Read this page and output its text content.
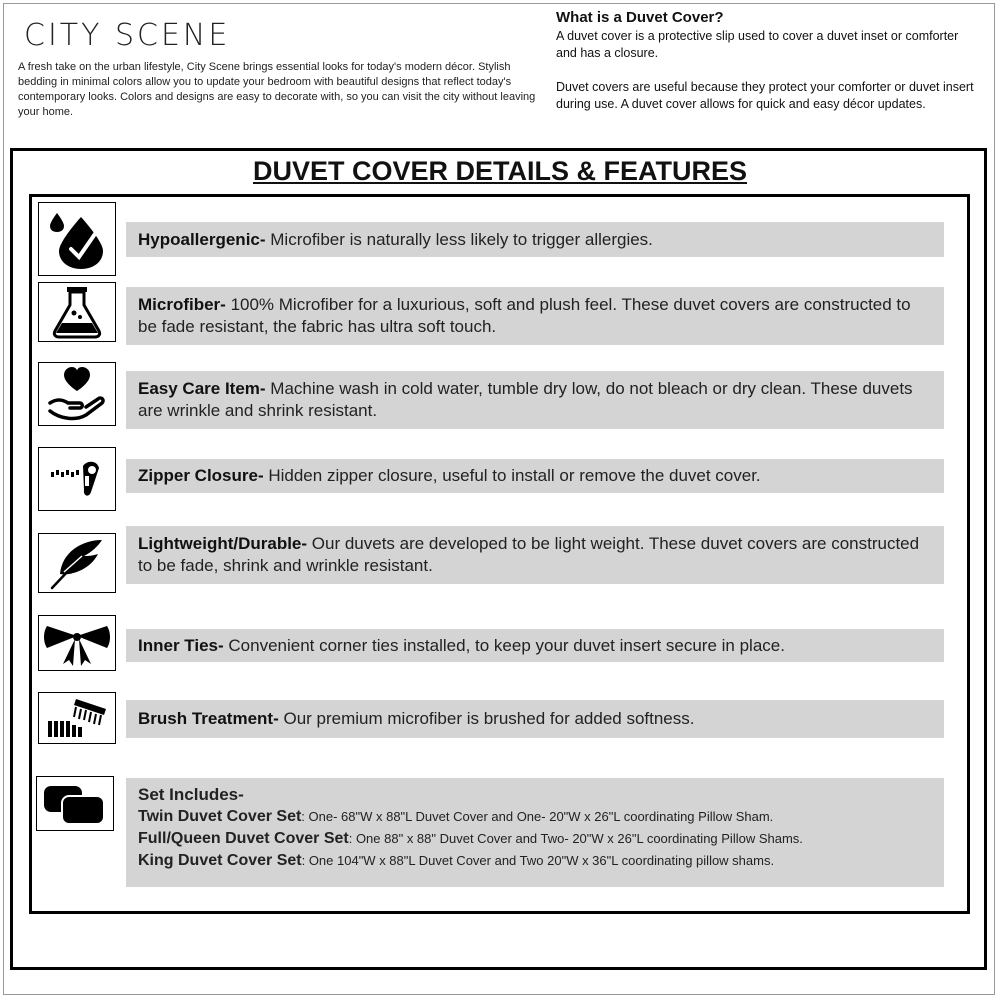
CITY SCENE
A fresh take on the urban lifestyle, City Scene brings essential looks for today's modern décor. Stylish bedding in minimal colors allow you to update your bedroom with beautiful designs that reflect today's contemporary looks. Colors and designs are easy to decorate with, so you can visit the city without leaving your home.
What is a Duvet Cover?

A duvet cover is a protective slip used to cover a duvet inset or comforter and has a closure.

Duvet covers are useful because they protect your comforter or duvet insert during use. A duvet cover allows for quick and easy décor updates.

DUVET COVER DETAILS & FEATURES
Hypoallergenic- Microfiber is naturally less likely to trigger allergies.
Microfiber- 100% Microfiber for a luxurious, soft and plush feel. These duvet covers are constructed to be fade resistant, the fabric has ultra soft touch.
Easy Care Item- Machine wash in cold water, tumble dry low, do not bleach or dry clean. These duvets are wrinkle and shrink resistant.
Zipper Closure- Hidden zipper closure, useful to install or remove the duvet cover.
Lightweight/Durable- Our duvets are developed to be light weight. These duvet covers are constructed to be fade, shrink and wrinkle resistant.
Inner Ties- Convenient corner ties installed, to keep your duvet insert secure in place.
Brush Treatment- Our premium microfiber is brushed for added softness.
Set Includes-
Twin Duvet Cover Set: One- 68"W x 88"L Duvet Cover and One- 20"W x 26"L coordinating Pillow Sham.
Full/Queen Duvet Cover Set: One 88" x 88" Duvet Cover and Two- 20"W x 26"L coordinating Pillow Shams.
King Duvet Cover Set: One 104"W x 88"L Duvet Cover and Two 20"W x 36"L coordinating pillow shams.
